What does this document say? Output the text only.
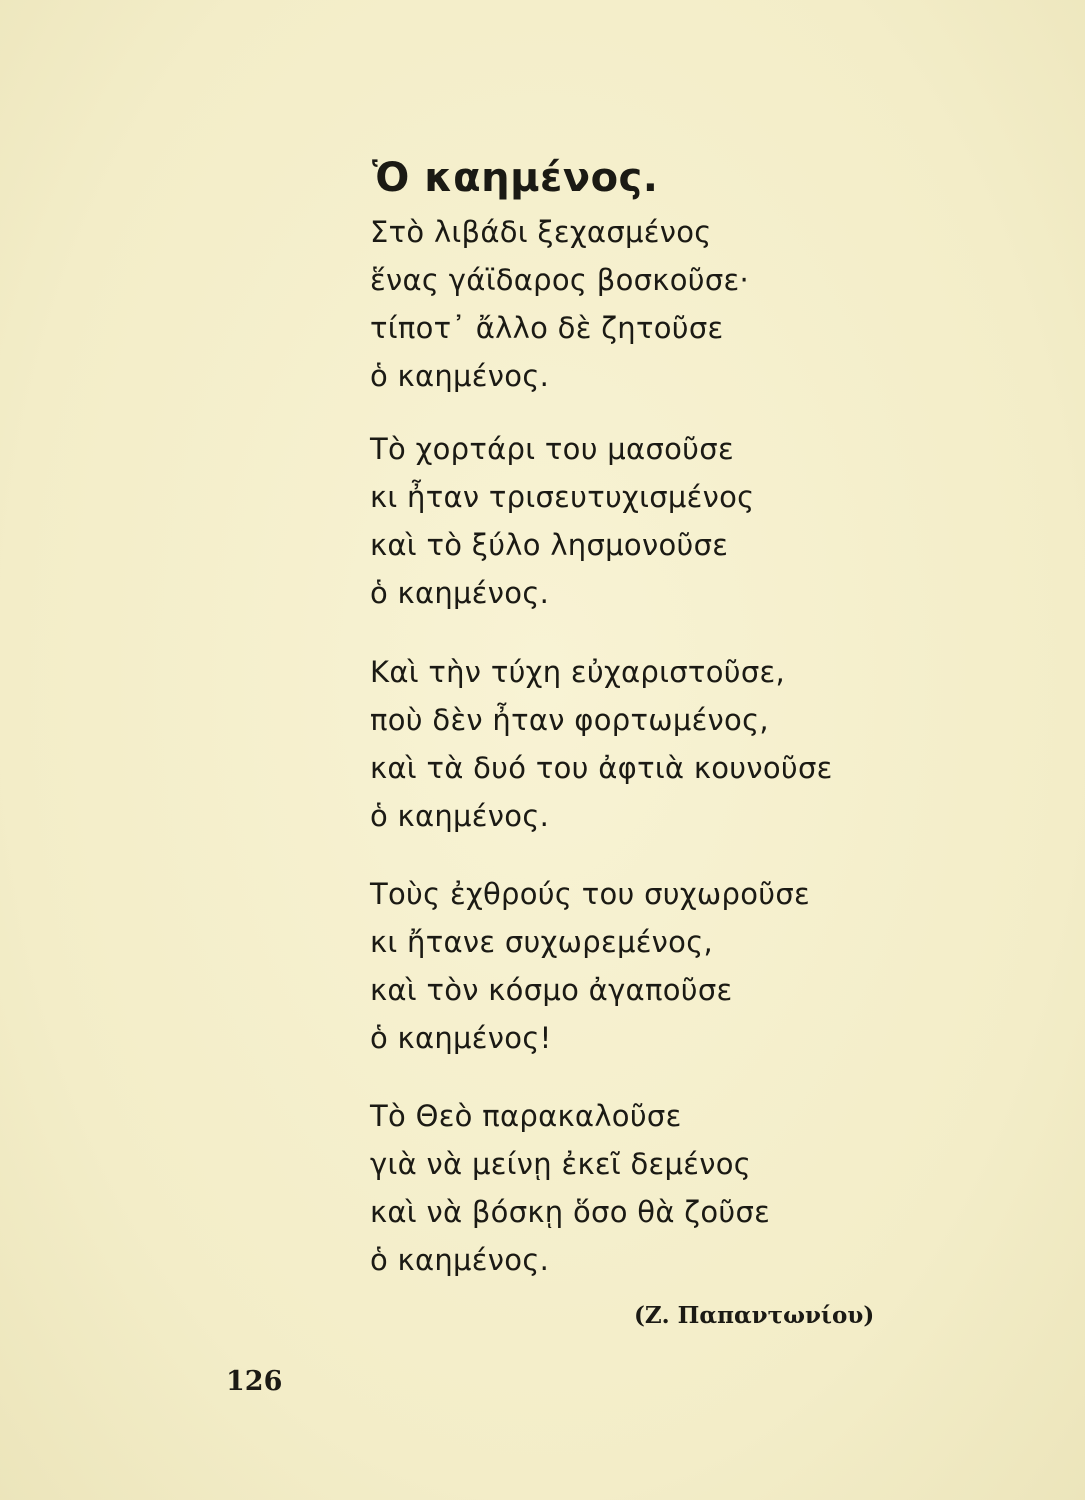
Ὁ καημένος.
Στὸ λιβάδι ξεχασμένος
ἕνας γάϊδαρος βοσκοῦσε·
τίποτ᾽ ἄλλο δὲ ζητοῦσε
ὁ καημένος.
Τὸ χορτάρι του μασοῦσε
κι ἦταν τρισευτυχισμένος
καὶ τὸ ξύλο λησμονοῦσε
ὁ καημένος.
Καὶ τὴν τύχη εὐχαριστοῦσε,
ποὺ δὲν ἦταν φορτωμένος,
καὶ τὰ δυό του ἀφτιὰ κουνοῦσε
ὁ καημένος.
Τοὺς ἐχθρούς του συχωροῦσε
κι ἤτανε συχωρεμένος,
καὶ τὸν κόσμο ἀγαποῦσε
ὁ καημένος!
Τὸ Θεὸ παρακαλοῦσε
γιὰ νὰ μείνῃ ἐκεῖ δεμένος
καὶ νὰ βόσκῃ ὅσο θὰ ζοῦσε
ὁ καημένος.
(Ζ. Παπαντωνίου)
126
